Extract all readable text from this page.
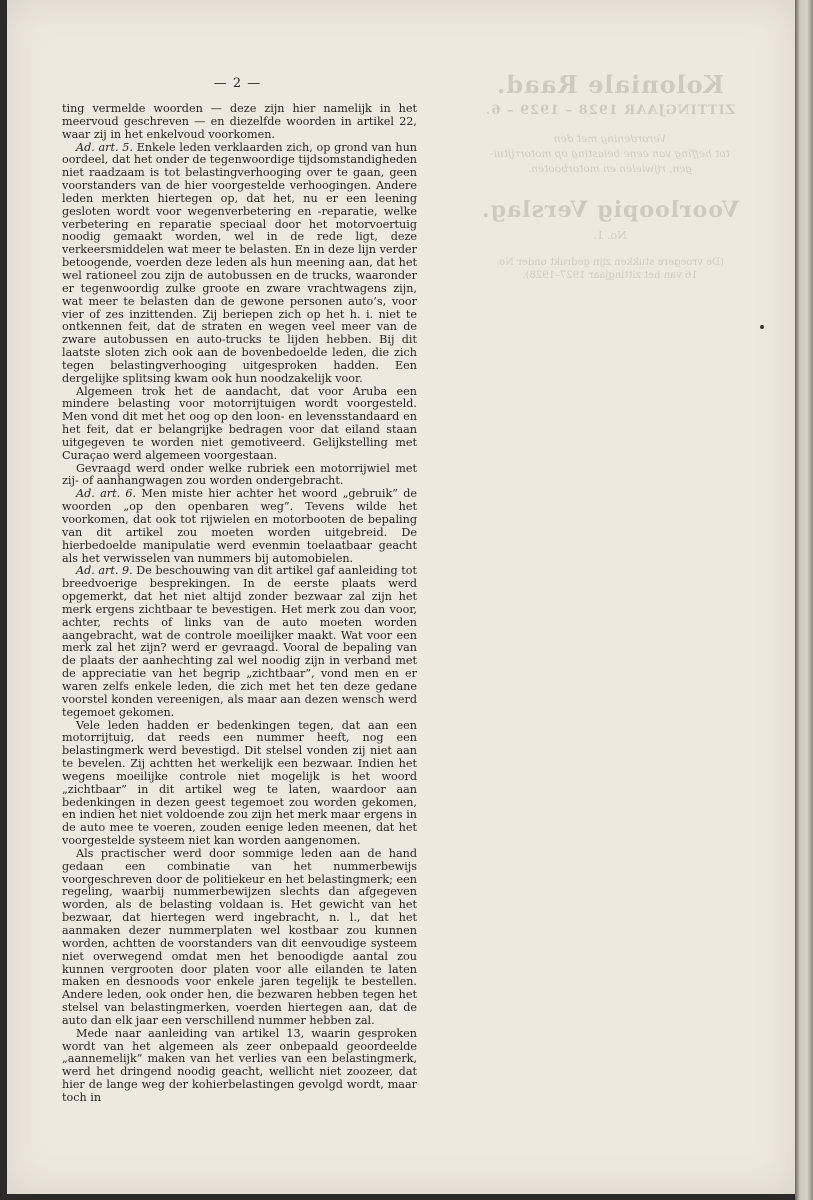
Koloniale Raad.

ZITTINGJAAR 1928 – 1929 – 6.

Verordening met den

tot heffing van eene belasting op motorrijtui-

gen, rijwielen en motorbooten.

Voorloopig Verslag.

No. 1.

(De vroegere stukken zijn gedrukt onder No.

16 van het zittingjaar 1927–1928).

— 2 —

ting vermelde woorden — deze zijn hier namelijk in het meervoud geschreven — en diezelfde woorden in artikel 22, waar zij in het enkelvoud voorkomen.

Ad. art. 5. Enkele leden verklaarden zich, op grond van hun oordeel, dat het onder de tegenwoordige tijdsomstandigheden niet raadzaam is tot belastingverhooging over te gaan, geen voorstanders van de hier voorgestelde verhoogingen. Andere leden merkten hiertegen op, dat het, nu er een leening gesloten wordt voor wegenverbetering en -reparatie, welke verbetering en reparatie speciaal door het motorvoertuig noodig gemaakt worden, wel in de rede ligt, deze verkeersmiddelen wat meer te belasten. En in deze lijn verder betoogende, voerden deze leden als hun meening aan, dat het wel rationeel zou zijn de autobussen en de trucks, waaronder er tegenwoordig zulke groote en zware vrachtwagens zijn, wat meer te belasten dan de gewone personen auto’s, voor vier of zes inzittenden. Zij beriepen zich op het h. i. niet te ontkennen feit, dat de straten en wegen veel meer van de zware autobussen en auto-trucks te lijden hebben. Bij dit laatste sloten zich ook aan de bovenbedoelde leden, die zich tegen belastingverhooging uitgesproken hadden. Een dergelijke splitsing kwam ook hun noodzakelijk voor.

Algemeen trok het de aandacht, dat voor Aruba een mindere belasting voor motorrijtuigen wordt voorgesteld. Men vond dit met het oog op den loon- en levensstandaard en het feit, dat er belangrijke bedragen voor dat eiland staan uitgegeven te worden niet gemotiveerd. Gelijkstelling met Curaçao werd algemeen voorgestaan.

Gevraagd werd onder welke rubriek een motorrijwiel met zij- of aanhangwagen zou worden ondergebracht.

Ad. art. 6. Men miste hier achter het woord „gebruik” de woorden „op den openbaren weg”. Tevens wilde het voorkomen, dat ook tot rijwielen en motorbooten de bepaling van dit artikel zou moeten worden uitgebreid. De hierbedoelde manipulatie werd evenmin toelaatbaar geacht als het verwisselen van nummers bij automobielen.

Ad. art. 9. De beschouwing van dit artikel gaf aanleiding tot breedvoerige besprekingen. In de eerste plaats werd opgemerkt, dat het niet altijd zonder bezwaar zal zijn het merk ergens zichtbaar te bevestigen. Het merk zou dan voor, achter, rechts of links van de auto moeten worden aangebracht, wat de controle moeilijker maakt. Wat voor een merk zal het zijn? werd er gevraagd. Vooral de bepaling van de plaats der aanhechting zal wel noodig zijn in verband met de appreciatie van het begrip „zichtbaar”, vond men en er waren zelfs enkele leden, die zich met het ten deze gedane voorstel konden vereenigen, als maar aan dezen wensch werd tegemoet gekomen.

Vele leden hadden er bedenkingen tegen, dat aan een motorrijtuig, dat reeds een nummer heeft, nog een belastingmerk werd bevestigd. Dit stelsel vonden zij niet aan te bevelen. Zij achtten het werkelijk een bezwaar. Indien het wegens moeilijke controle niet mogelijk is het woord „zichtbaar” in dit artikel weg te laten, waardoor aan bedenkingen in dezen geest tegemoet zou worden gekomen, en indien het niet voldoende zou zijn het merk maar ergens in de auto mee te voeren, zouden eenige leden meenen, dat het voorgestelde systeem niet kan worden aangenomen.

Als practischer werd door sommige leden aan de hand gedaan een combinatie van het nummerbewijs voorgeschreven door de politiekeur en het belastingmerk; een regeling, waarbij nummerbewijzen slechts dan afgegeven worden, als de belasting voldaan is. Het gewicht van het bezwaar, dat hiertegen werd ingebracht, n. l., dat het aanmaken dezer nummerplaten wel kostbaar zou kunnen worden, achtten de voorstanders van dit eenvoudige systeem niet overwegend omdat men het benoodigde aantal zou kunnen vergrooten door platen voor alle eilanden te laten maken en desnoods voor enkele jaren tegelijk te bestellen. Andere leden, ook onder hen, die bezwaren hebben tegen het stelsel van belastingmerken, voerden hiertegen aan, dat de auto dan elk jaar een verschillend nummer hebben zal.

Mede naar aanleiding van artikel 13, waarin gesproken wordt van het algemeen als zeer onbepaald geoordeelde „aannemelijk” maken van het verlies van een belastingmerk, werd het dringend noodig geacht, wellicht niet zoozeer, dat hier de lange weg der kohierbelastingen gevolgd wordt, maar toch in
